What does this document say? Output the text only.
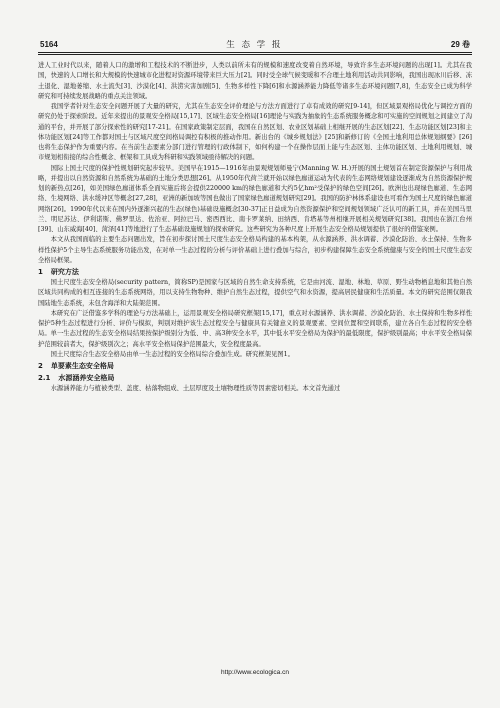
5164	生 态 学 报	29 卷

进人工业时代以来，随着人口的激增和工程技术的不断进步，人类以前所未有的规模和速度改变着自然环境，导致许多生态环境问题的出现[1]。尤其在我国，快速的人口增长和大规模的快速城市化进程对资源环境带来巨大压力[2]。同时受全球气候变暖和不合理土地利用活动共同影响，我国出现冰川后移、冻土退化、湿地萎缩、水土流失[3]、沙漠化[4]、洪涝灾害加剧[5]、生物多样性下降[6]和水源涵养能力降低等诸多生态环境问题[7,8]，生态安全已成为科学研究和可持续发展战略的重点关注领域。

我国学者针对生态安全问题开展了大量的研究，尤其在生态安全评价理论与方法方面进行了卓有成效的研究[9-14]，但区域景观格局优化与调控方面的研究仍处于探索阶段。近年来提出的景观安全格局[15,17]、区域生态安全格局[16]理论与实践为抽象的生态系统服务概念和可实施的空间规划之间建立了沟通的平台，并开展了部分探索性的研究[17-21]。在国家政策制定层面，我国在自然区划、农业区划基础上相继开展的生态区划[22]、生态功能区划[23]和主体功能区划[24]等工作都对国土与区域尺度空间格局调控有积极的推动作用。新出台的《城乡规划法》[25]和新修订的《全国土地利用总体规划纲要》[26]也将生态保护作为重要内容。在当前生态要素分部门进行管理的行政体制下，如何构建一个在操作层面上能与生态区划、主体功能区划、土地利用规划、城市规划相衔接的综合性概念、框架和工具成为科研和实践领域亟待解决的问题。

国际上国土尺度的保护性规划研究起步较早。美国早在1915—1916年由景观规划师曼宁(Manning W. H.)开展的国土规划首在制定资源保护与利用战略，并提出以自然资源和自然系统为基础的土地分类思想[26]。从1950年代荷兰就开始以绿色廊道运动为代表的生态网络规划建设逐渐成为自然资源保护规划的新热点[26]，如美国绿色廊道体系全面实施后将会提供220000 km的绿色廊道和大约5亿hm²受保护的绿色空间[26]。欧洲也出现绿色廊道、生态网络、生境网络、洪水缓冲区等概念[27,28]，亚洲的新加坡等国也做出了国家绿色廊道规划研究[29]。我国的防护林体系建设也可看作为国土尺度的绿色廊道网络[26]。1990年代以来在国内外逐渐兴起的生态(绿色)基础设施概念[30-37]正日益成为自然资源保护和空间规划领域广泛认可的新工具，并在美国马里兰、明尼苏达、伊利诺斯、佛罗里达、佐治亚、阿拉巴马、密西西比、南卡罗莱纳、田纳西、肯塔基等州相继开展相关规划研究[38]。我国也在浙江台州[39]、山东威海[40]、菏泽[41]等地进行了生态基础设施规划的探索研究。这些研究为各种尺度上开展生态安全格局规划提供了很好的借鉴案例。

本文从我国面临的主要生态问题出发，旨在初步探讨国土尺度生态安全格局构建的基本构架，从水源涵养、洪水调蓄、沙漠化防治、水土保持、生物多样性保护5个主导生态系统服务功能出发，在对单一生态过程的分析与评价基础上进行叠加与综合，初步构建保障生态安全系统健康与安全的国土尺度生态安全格局框架。

1 研究方法

国土尺度生态安全格局(security pattern，简称SP)是国家与区域的自然生命支持系统，它是由河流、湿地、林地、草原、野生动物栖息地和其他自然区域共同构成的相互连接的生态系统网络，用以支持生物物种、维护自然生态过程，提供空气和水资源，提高居民健康和生活质量。本文的研究范围仅限我国陆地生态系统，未包含海洋和大陆架范围。

本研究在广泛借鉴多学科的理论与方法基础上，运用景观安全格局研究框架[15,17]，重点对水源涵养、洪水调蓄、沙漠化防治、水土保持和生物多样性保护5种生态过程进行分析、评价与模拟，判别对维护该生态过程安全与健康具有关键意义的景观要素、空间位置和空间联系，建立各自生态过程的安全格局。单一生态过程的生态安全格局结果按保护级别分为低、中、高3种安全水平，其中低水平安全格局为保护的最低限度，保护级别最高；中水平安全格局保护范围较前者大，保护级别次之；高水平安全格局保护范围最大，安全程度最高。

国土尺度综合生态安全格局由单一生态过程的安全格局综合叠加生成。研究框架见图1。

2 单要素生态安全格局
2.1 水源涵养安全格局

水源涵养能力与植被类型、盖度、枯落物组成、土层厚度及土壤物理性质等因素密切相关。本文首先通过

http://www.ecologica.cn
